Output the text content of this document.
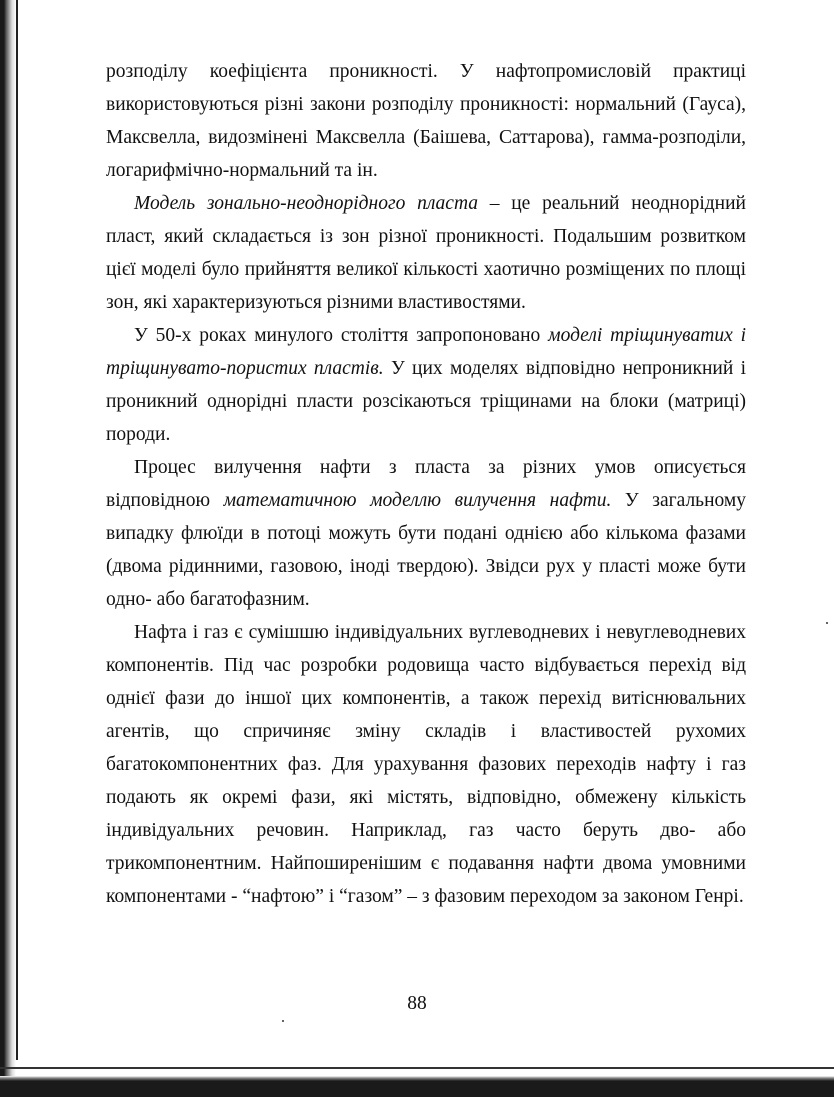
розподілу коефіцієнта проникності. У нафтопромисловій практиці використовуються різні закони розподілу проникності: нормальний (Гауса), Максвелла, видозмінені Максвелла (Баішева, Саттарова), гамма-розподіли, логарифмічно-нормальний та ін.

Модель зонально-неоднорідного пласта – це реальний неоднорідний пласт, який складається із зон різної проникності. Подальшим розвитком цієї моделі було прийняття великої кількості хаотично розміщених по площі зон, які характеризуються різними властивостями.

У 50-х роках минулого століття запропоновано моделі тріщинуватих і тріщинувато-пористих пластів. У цих моделях відповідно непроникний і проникний однорідні пласти розсікаються тріщинами на блоки (матриці) породи.

Процес вилучення нафти з пласта за різних умов описується відповідною математичною моделлю вилучення нафти. У загальному випадку флюїди в потоці можуть бути подані однією або кількома фазами (двома рідинними, газовою, іноді твердою). Звідси рух у пласті може бути одно- або багатофазним.

Нафта і газ є сумішшю індивідуальних вуглеводневих і невуглеводневих компонентів. Під час розробки родовища часто відбувається перехід від однієї фази до іншої цих компонентів, а також перехід витіснювальних агентів, що спричиняє зміну складів і властивостей рухомих багатокомпонентних фаз. Для урахування фазових переходів нафту і газ подають як окремі фази, які містять, відповідно, обмежену кількість індивідуальних речовин. Наприклад, газ часто беруть дво- або трикомпонентним. Найпоширенішим є подавання нафти двома умовними компонентами - “нафтою” і “газом” – з фазовим переходом за законом Генрі.

88
